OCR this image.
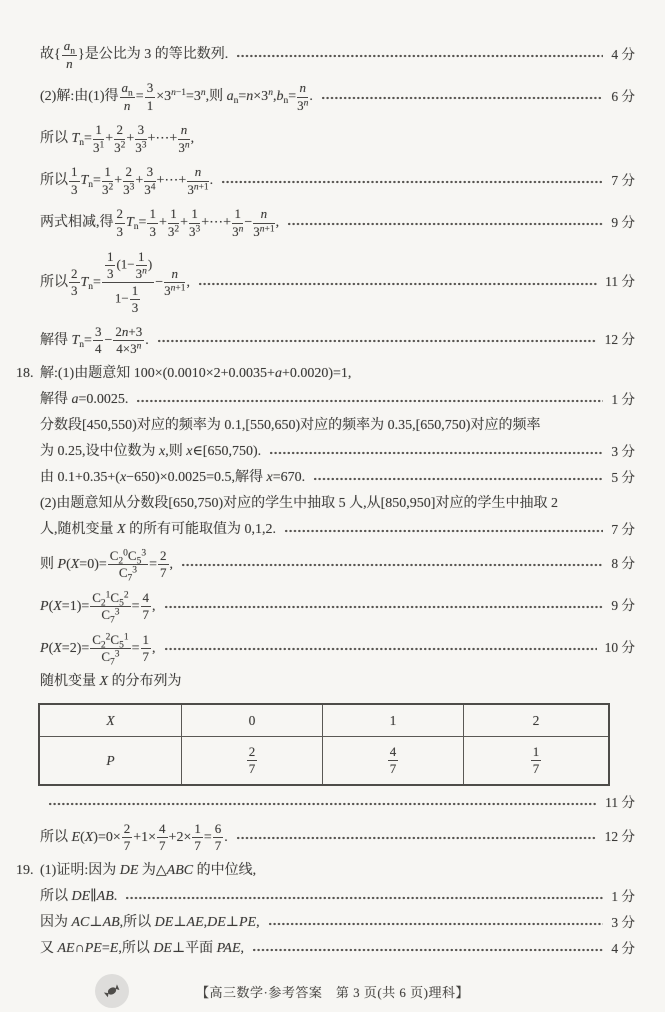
故{ $\frac{a_n}{n}$ }是公比为 3 的等比数列.	4 分
(2)解:由(1)得 $\frac{a_n}{n} = \frac{3}{1} \times 3^{n-1}=3^n$,则 $a_n=n\times 3^n,b_n= \frac{n}{3^n}$ .	6 分
所以 $T_n= \frac{1}{3^1} + \frac{2}{3^2} + \frac{3}{3^3}$ +⋯+ $\frac{n}{3^n}$ ,
所以 $\frac{1}{3} T_n= \frac{1}{3^2} + \frac{2}{3^3} + \frac{3}{3^4}$ +⋯+ $\frac{n}{3^{n+1}}$ .	7 分
两式相减,得 $\frac{2}{3} T_n= \frac{1}{3} + \frac{1}{3^2} + \frac{1}{3^3}$ +⋯+ $\frac{1}{3^n} - \frac{n}{3^{n+1}}$ ,	9 分
所以 $\frac{2}{3} T_n= \frac{\frac{1}{3} (1- \frac{1}{3^n} )}{1- \frac{1}{3}} - \frac{n}{3^{n+1}}$ ,	11 分
解得 $T_n= \frac{3}{4} - \frac{2n+3}{4\times 3^n}$ .	12 分
18. 解:(1)由题意知 100×(0.0010×2+0.0035+a+0.0020)=1,
解得 a=0.0025.	1 分
分数段[450,550)对应的频率为 0.1,[550,650)对应的频率为 0.35,[650,750)对应的频率
为 0.25,设中位数为 x,则 x∈[650,750).	3 分
由 0.1+0.35+(x−650)×0.0025=0.5,解得 x=670.	5 分
(2)由题意知从分数段[650,750)对应的学生中抽取 5 人,从[850,950]对应的学生中抽取 2
人,随机变量 X 的所有可能取值为 0,1,2.	7 分
则 $P(X=0)= \frac{C_2^0C_5^3}{C_7^3} = \frac{2}{7}$ ,	8 分
$P(X=1)= \frac{C_2^1C_5^2}{C_7^3} = \frac{4}{7}$ ,	9 分
$P(X=2)= \frac{C_2^2C_5^1}{C_7^3} = \frac{1}{7}$ ,	10 分
随机变量 X 的分布列为
X	0	1	2
P	$\frac{2}{7}$	$\frac{4}{7}$	$\frac{1}{7}$
11 分
所以 $E(X)=0\times \frac{2}{7} +1\times \frac{4}{7} +2\times \frac{1}{7} = \frac{6}{7}$ .	12 分
19. (1)证明:因为 DE 为△ABC 的中位线,
所以 DE∥AB.	1 分
因为 AC⊥AB,所以 DE⊥AE,DE⊥PE,	3 分
又 AE∩PE=E,所以 DE⊥平面 PAE,	4 分
【高三数学·参考答案　第 3 页(共 6 页)理科】
